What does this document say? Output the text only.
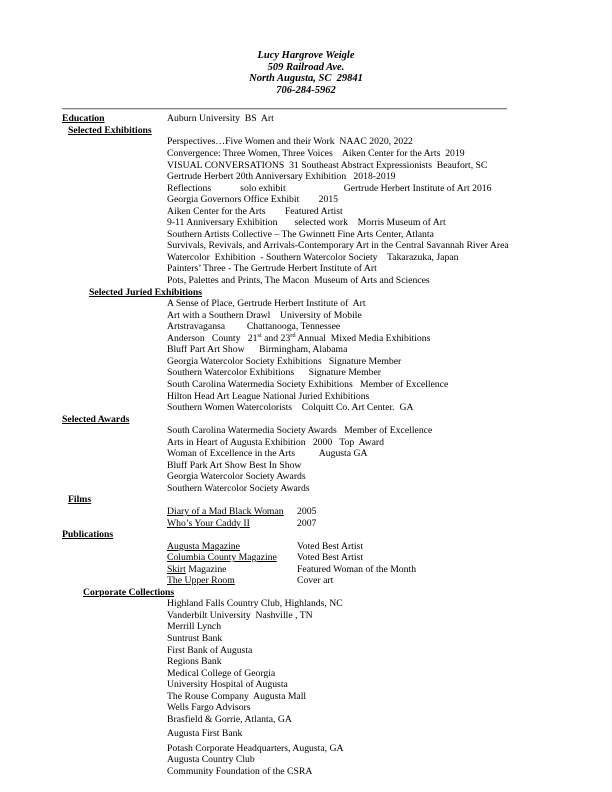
Lucy Hargrove Weigle
509 Railroad Ave.
North Augusta, SC  29841
706-284-5962
Education	Auburn University  BS  Art
Selected Exhibitions
Perspectives…Five Women and their Work  NAAC 2020, 2022
Convergence: Three Women, Three Voices    Aiken Center for the Arts  2019
VISUAL CONVERSATIONS  31 Southeast Abstract Expressionists  Beaufort, SC
Gertrude Herbert 20th Anniversary Exhibition   2018-2019
Reflections            solo exhibit                        Gertrude Herbert Institute of Art 2016
Georgia Governors Office Exhibit        2015
Aiken Center for the Arts        Featured Artist
9-11 Anniversary Exhibition       selected work    Morris Museum of Art
Southern Artists Collective – The Gwinnett Fine Arts Center, Atlanta
Survivals, Revivals, and Arrivals-Contemporary Art in the Central Savannah River Area
Watercolor  Exhibition  - Southern Watercolor Society    Takarazuka, Japan
Painters’ Three - The Gertrude Herbert Institute of Art
Pots, Palettes and Prints, The Macon  Museum of Arts and Sciences
Selected Juried Exhibitions
A Sense of Place, Gertrude Herbert Institute of  Art
Art with a Southern Drawl    University of Mobile
Artstravagansa         Chattanooga, Tennessee
Anderson   County   21st and 23rd Annual  Mixed Media Exhibitions
Bluff Part Art Show      Birmingham, Alabama
Georgia Watercolor Society Exhibitions   Signature Member
Southern Watercolor Exhibitions      Signature Member
South Carolina Watermedia Society Exhibitions   Member of Excellence
Hilton Head Art League National Juried Exhibitions
Southern Women Watercolorists    Colquitt Co. Art Center.  GA
Selected Awards
South Carolina Watermedia Society Awards   Member of Excellence
Arts in Heart of Augusta Exhibition   2000   Top  Award
Woman of Excellence in the Arts          Augusta GA
Bluff Park Art Show Best In Show
Georgia Watercolor Society Awards
Southern Watercolor Society Awards
Films
Diary of a Mad Black Woman	2005
Who’s Your Caddy II	2007
Publications
Augusta Magazine	Voted Best Artist
Columbia County Magazine	Voted Best Artist
Skirt Magazine	Featured Woman of the Month
The Upper Room	Cover art
Corporate Collections
Highland Falls Country Club, Highlands, NC
Vanderbilt University  Nashville , TN
Merrill Lynch
Suntrust Bank
First Bank of Augusta
Regions Bank
Medical College of Georgia
University Hospital of Augusta
The Rouse Company  Augusta Mall
Wells Fargo Advisors
Brasfield & Gorrie, Atlanta, GA
Augusta First Bank
Potash Corporate Headquarters, Augusta, GA
Augusta Country Club
Community Foundation of the CSRA
